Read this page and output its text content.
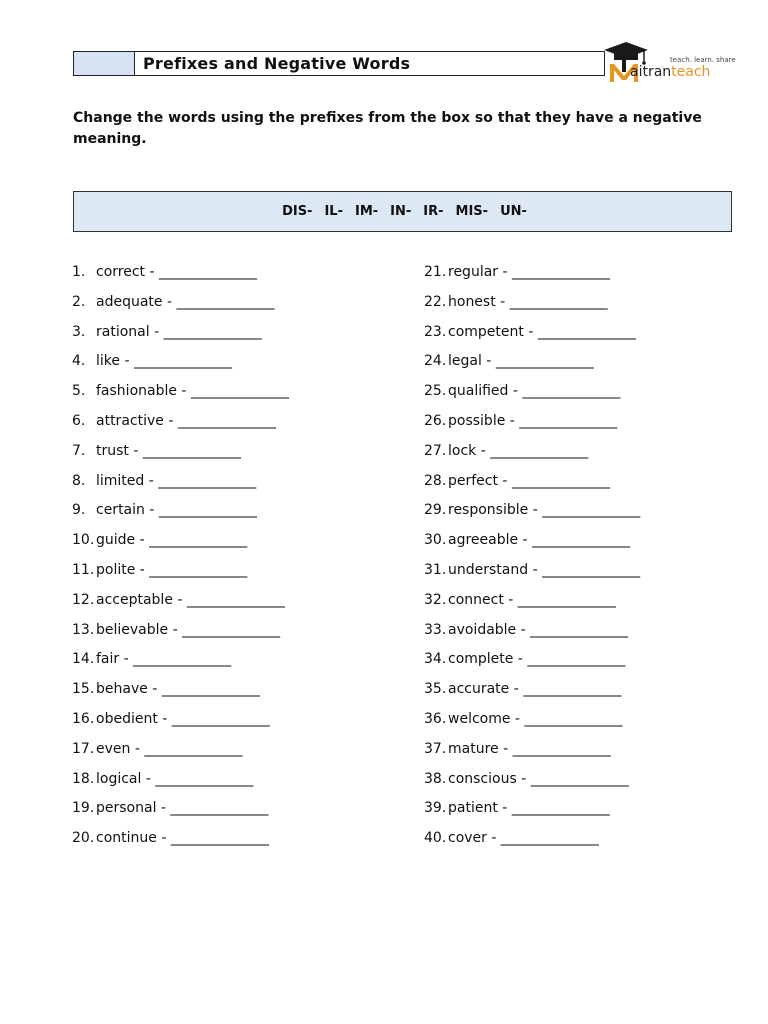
Prefixes and Negative Words	teach. learn. share
aitranteach
Change the words using the prefixes from the box so that they have a negative meaning.
DIS- IL- IM- IN- IR- MIS- UN-
1. correct - ______________
2. adequate - ______________
3. rational - ______________
4. like - ______________
5. fashionable - ______________
6. attractive - ______________
7. trust - ______________
8. limited - ______________
9. certain - ______________
10. guide - ______________
11. polite - ______________
12. acceptable - ______________
13. believable - ______________
14. fair - ______________
15. behave - ______________
16. obedient - ______________
17. even - ______________
18. logical - ______________
19. personal - ______________
20. continue - ______________
21. regular - ______________
22. honest - ______________
23. competent - ______________
24. legal - ______________
25. qualified - ______________
26. possible - ______________
27. lock - ______________
28. perfect - ______________
29. responsible - ______________
30. agreeable - ______________
31. understand - ______________
32. connect - ______________
33. avoidable - ______________
34. complete - ______________
35. accurate - ______________
36. welcome - ______________
37. mature - ______________
38. conscious - ______________
39. patient - ______________
40. cover - ______________
